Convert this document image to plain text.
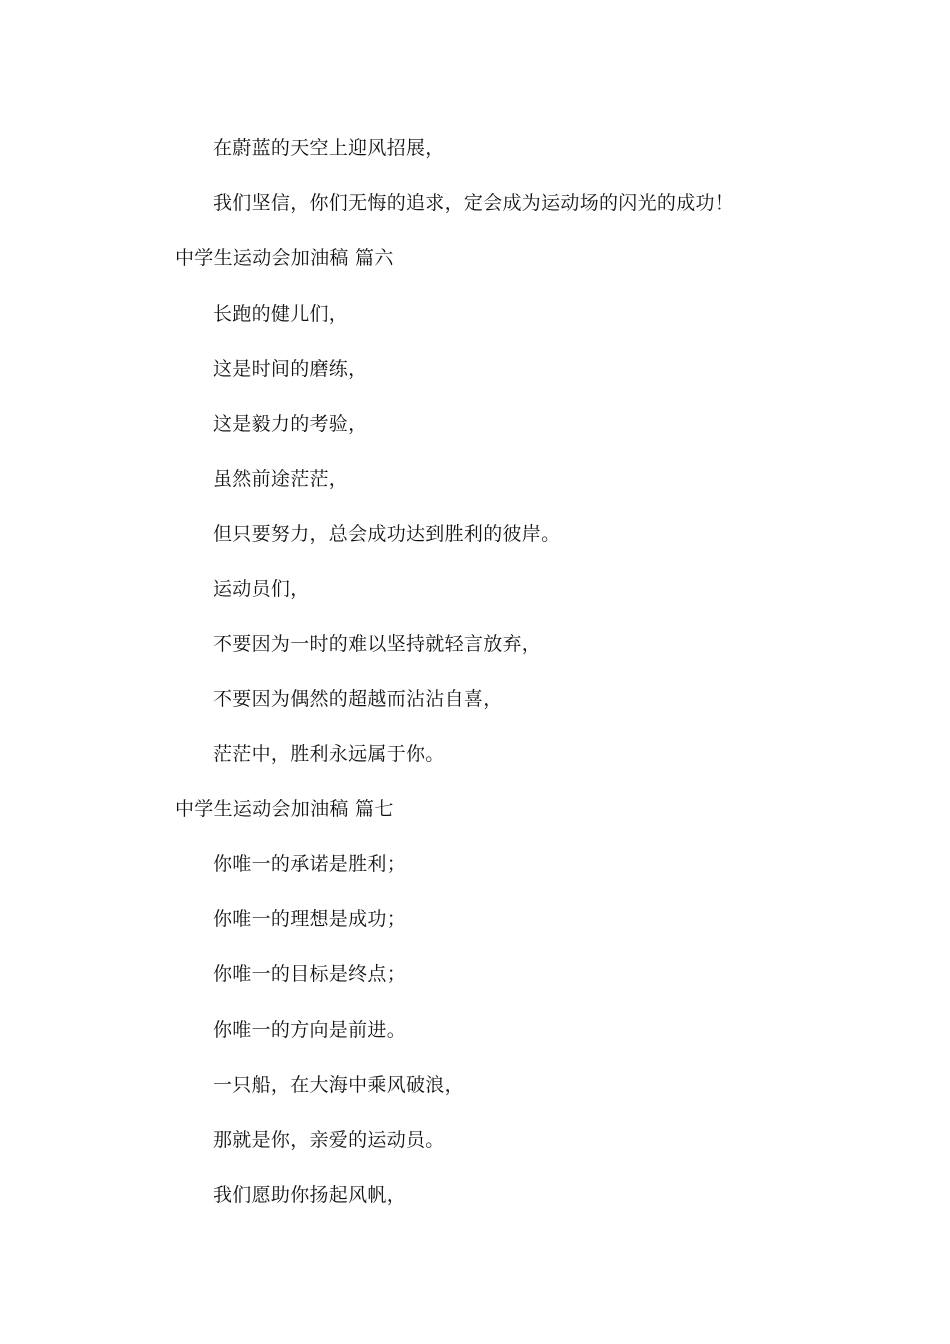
在蔚蓝的天空上迎风招展，
我们坚信，你们无悔的追求，定会成为运动场的闪光的成功！
中学生运动会加油稿 篇六
长跑的健儿们，
这是时间的磨练，
这是毅力的考验，
虽然前途茫茫，
但只要努力，总会成功达到胜利的彼岸。
运动员们，
不要因为一时的难以坚持就轻言放弃，
不要因为偶然的超越而沾沾自喜，
茫茫中，胜利永远属于你。
中学生运动会加油稿 篇七
你唯一的承诺是胜利；
你唯一的理想是成功；
你唯一的目标是终点；
你唯一的方向是前进。
一只船，在大海中乘风破浪，
那就是你，亲爱的运动员。
我们愿助你扬起风帆，
